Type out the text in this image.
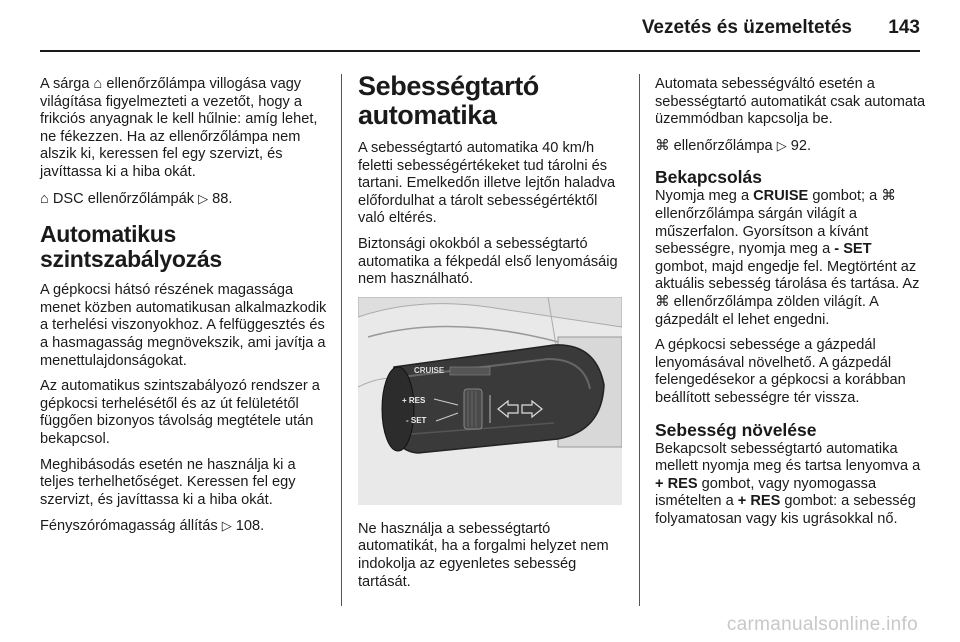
Vezetés és üzemeltetés 143

A sárga ⌂ ellenőrzőlámpa villogása vagy világítása figyelmezteti a vezetőt, hogy a frikciós anyagnak le kell hűlnie: amíg lehet, ne fékezzen. Ha az ellenőrzőlámpa nem alszik ki, keressen fel egy szervizt, és javíttassa ki a hiba okát.

⌂ DSC ellenőrzőlámpák ▷ 88.

Automatikus szintszabályozás

A gépkocsi hátsó részének magassága menet közben automatikusan alkalmazkodik a terhelési viszonyokhoz. A felfüggesztés és a hasmagasság megnövekszik, ami javítja a menettulajdonságokat.

Az automatikus szintszabályozó rendszer a gépkocsi terhelésétől és az út felületétől függően bizonyos távolság megtétele után bekapcsol.

Meghibásodás esetén ne használja ki a teljes terhelhetőséget. Keressen fel egy szervizt, és javíttassa ki a hiba okát.

Fényszórómagasság állítás ▷ 108.

Sebességtartó automatika

A sebességtartó automatika 40 km/h feletti sebességértékeket tud tárolni és tartani. Emelkedőn illetve lejtőn haladva előfordulhat a tárolt sebességértéktől való eltérés.

Biztonsági okokból a sebességtartó automatika a fékpedál első lenyomásáig nem használható.

CRUISE
+ RES
- SET

Ne használja a sebességtartó automatikát, ha a forgalmi helyzet nem indokolja az egyenletes sebesség tartását.

Automata sebességváltó esetén a sebességtartó automatikát csak automata üzemmódban kapcsolja be.

⌘ ellenőrzőlámpa ▷ 92.

Bekapcsolás

Nyomja meg a CRUISE gombot; a ⌘ ellenőrzőlámpa sárgán világít a műszerfalon. Gyorsítson a kívánt sebességre, nyomja meg a - SET gombot, majd engedje fel. Megtörtént az aktuális sebesség tárolása és tartása. Az ⌘ ellenőrzőlámpa zölden világít. A gázpedált el lehet engedni.

A gépkocsi sebessége a gázpedál lenyomásával növelhető. A gázpedál felengedésekor a gépkocsi a korábban beállított sebességre tér vissza.

Sebesség növelése

Bekapcsolt sebességtartó automatika mellett nyomja meg és tartsa lenyomva a + RES gombot, vagy nyomogassa ismételten a + RES gombot: a sebesség folyamatosan vagy kis ugrásokkal nő.

carmanualsonline.info
